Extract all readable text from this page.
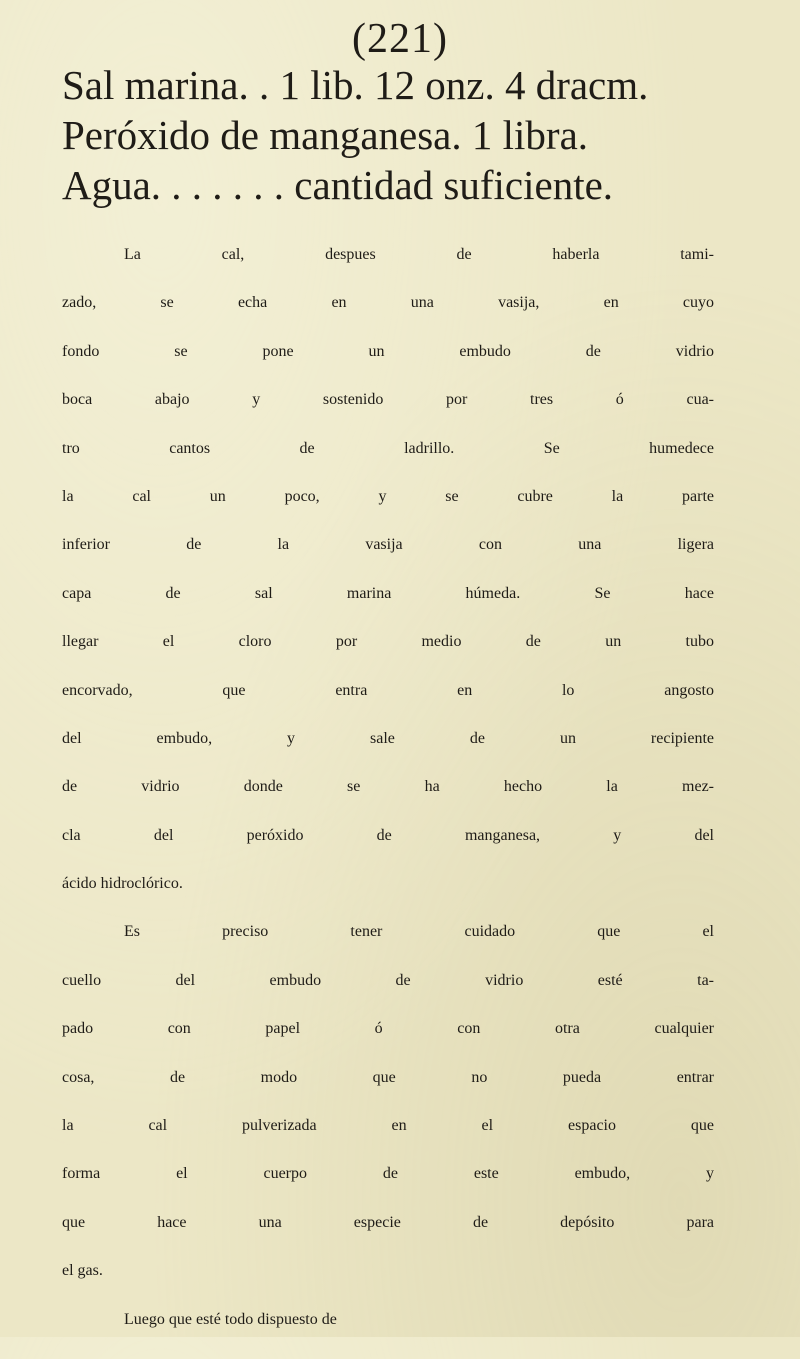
(221)
Sal marina. . 1 lib. 12 onz. 4 dracm.
Peróxido de manganesa. 1 libra.
Agua. . . . . . . cantidad suficiente.
La cal, despues de haberla tami-
zado, se echa en una vasija, en cuyo
fondo se pone un embudo de vidrio
boca abajo y sostenido por tres ó cua-
tro cantos de ladrillo. Se humedece
la cal un poco, y se cubre la parte
inferior de la vasija con una ligera
capa de sal marina húmeda. Se hace
llegar el cloro por medio de un tubo
encorvado, que entra en lo angosto
del embudo, y sale de un recipiente
de vidrio donde se ha hecho la mez-
cla del peróxido de manganesa, y del
ácido hidroclórico.
Es preciso tener cuidado que el
cuello del embudo de vidrio esté ta-
pado con papel ó con otra cualquier
cosa, de modo que no pueda entrar
la cal pulverizada en el espacio que
forma el cuerpo de este embudo, y
que hace una especie de depósito para
el gas.
Luego que esté todo dispuesto de
